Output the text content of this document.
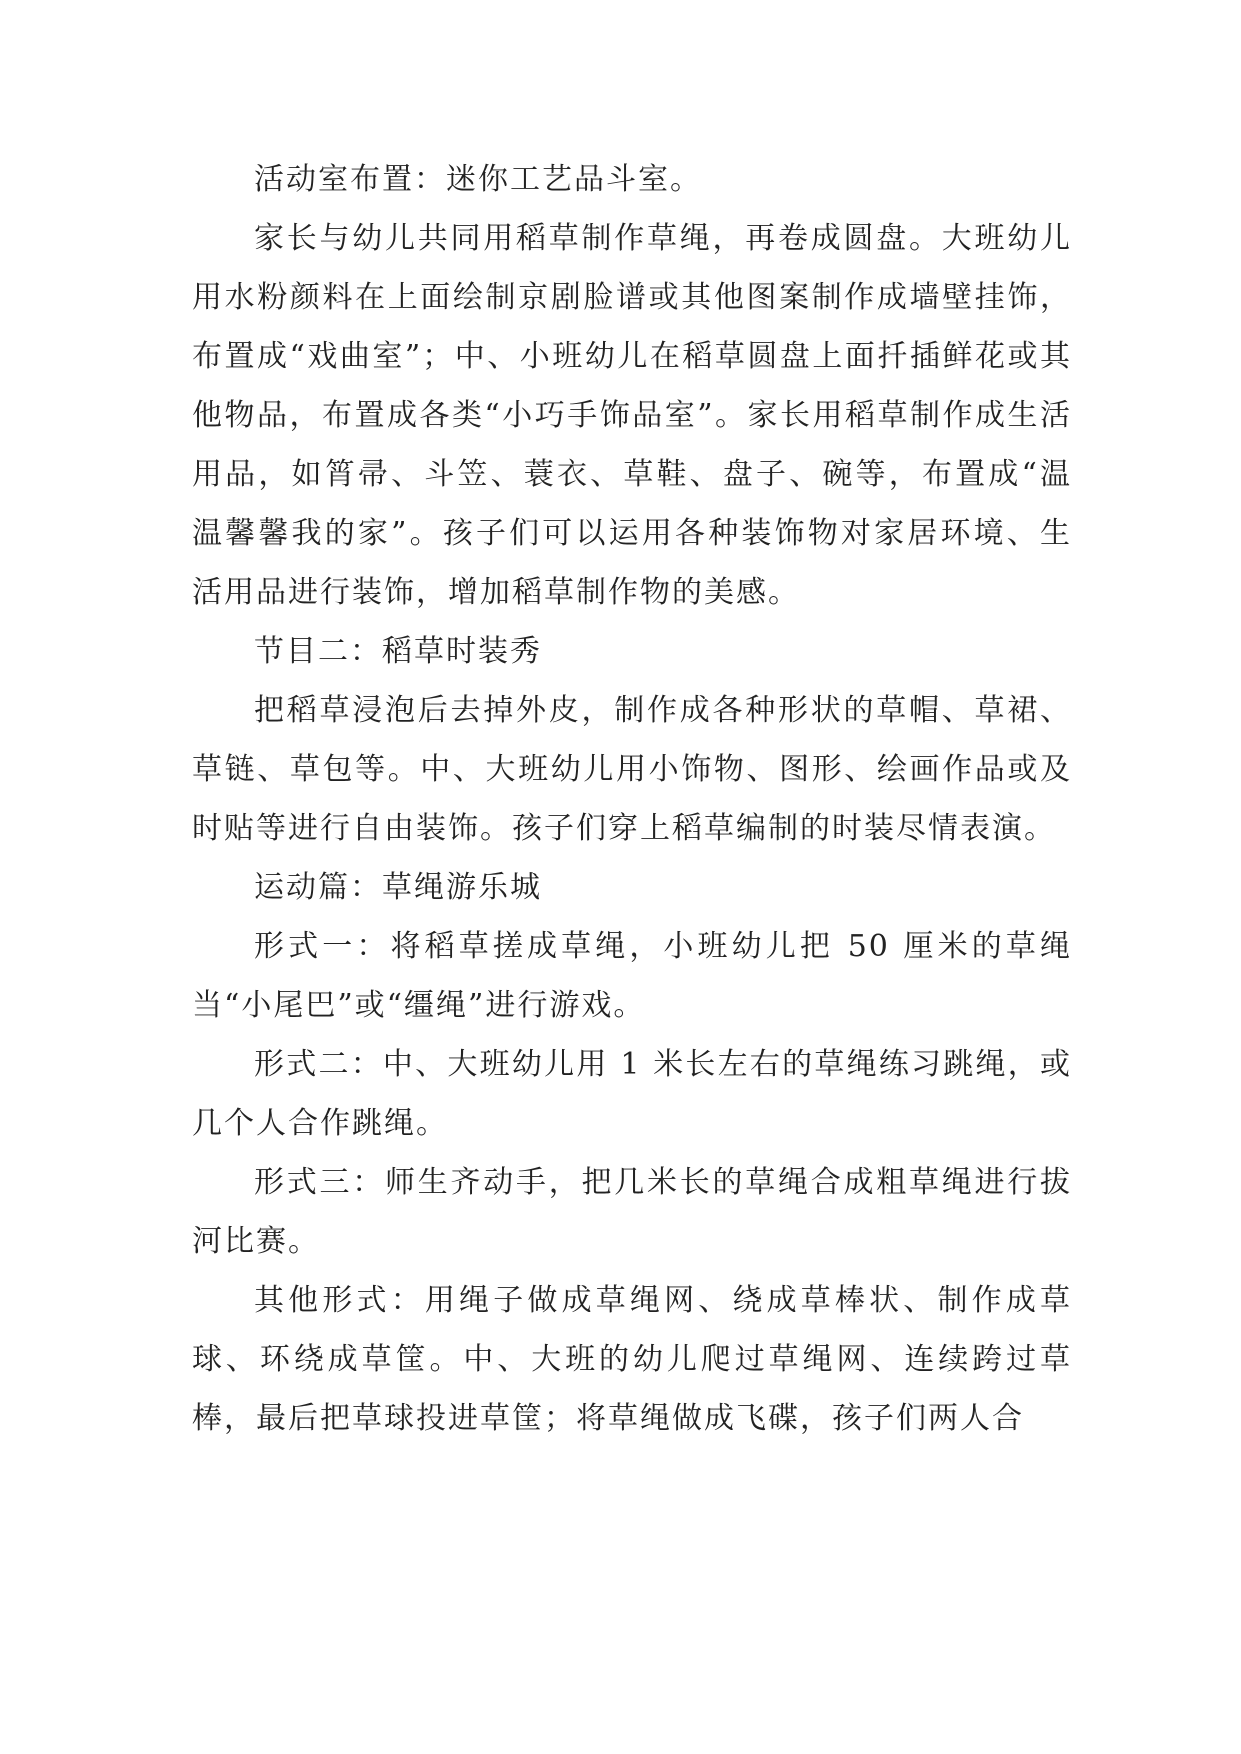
活动室布置：迷你工艺品斗室。

家长与幼儿共同用稻草制作草绳，再卷成圆盘。大班幼儿用水粉颜料在上面绘制京剧脸谱或其他图案制作成墙壁挂饰，布置成“戏曲室”；中、小班幼儿在稻草圆盘上面扦插鲜花或其他物品，布置成各类“小巧手饰品室”。家长用稻草制作成生活用品，如筲帚、斗笠、蓑衣、草鞋、盘子、碗等，布置成“温温馨馨我的家”。孩子们可以运用各种装饰物对家居环境、生活用品进行装饰，增加稻草制作物的美感。

节目二：稻草时装秀

把稻草浸泡后去掉外皮，制作成各种形状的草帽、草裙、草链、草包等。中、大班幼儿用小饰物、图形、绘画作品或及时贴等进行自由装饰。孩子们穿上稻草编制的时装尽情表演。

运动篇：草绳游乐城

形式一：将稻草搓成草绳，小班幼儿把 50 厘米的草绳当“小尾巴”或“缰绳”进行游戏。

形式二：中、大班幼儿用 1 米长左右的草绳练习跳绳，或几个人合作跳绳。

形式三：师生齐动手，把几米长的草绳合成粗草绳进行拔河比赛。

其他形式：用绳子做成草绳网、绕成草棒状、制作成草球、环绕成草筐。中、大班的幼儿爬过草绳网、连续跨过草棒，最后把草球投进草筐；将草绳做成飞碟，孩子们两人合
